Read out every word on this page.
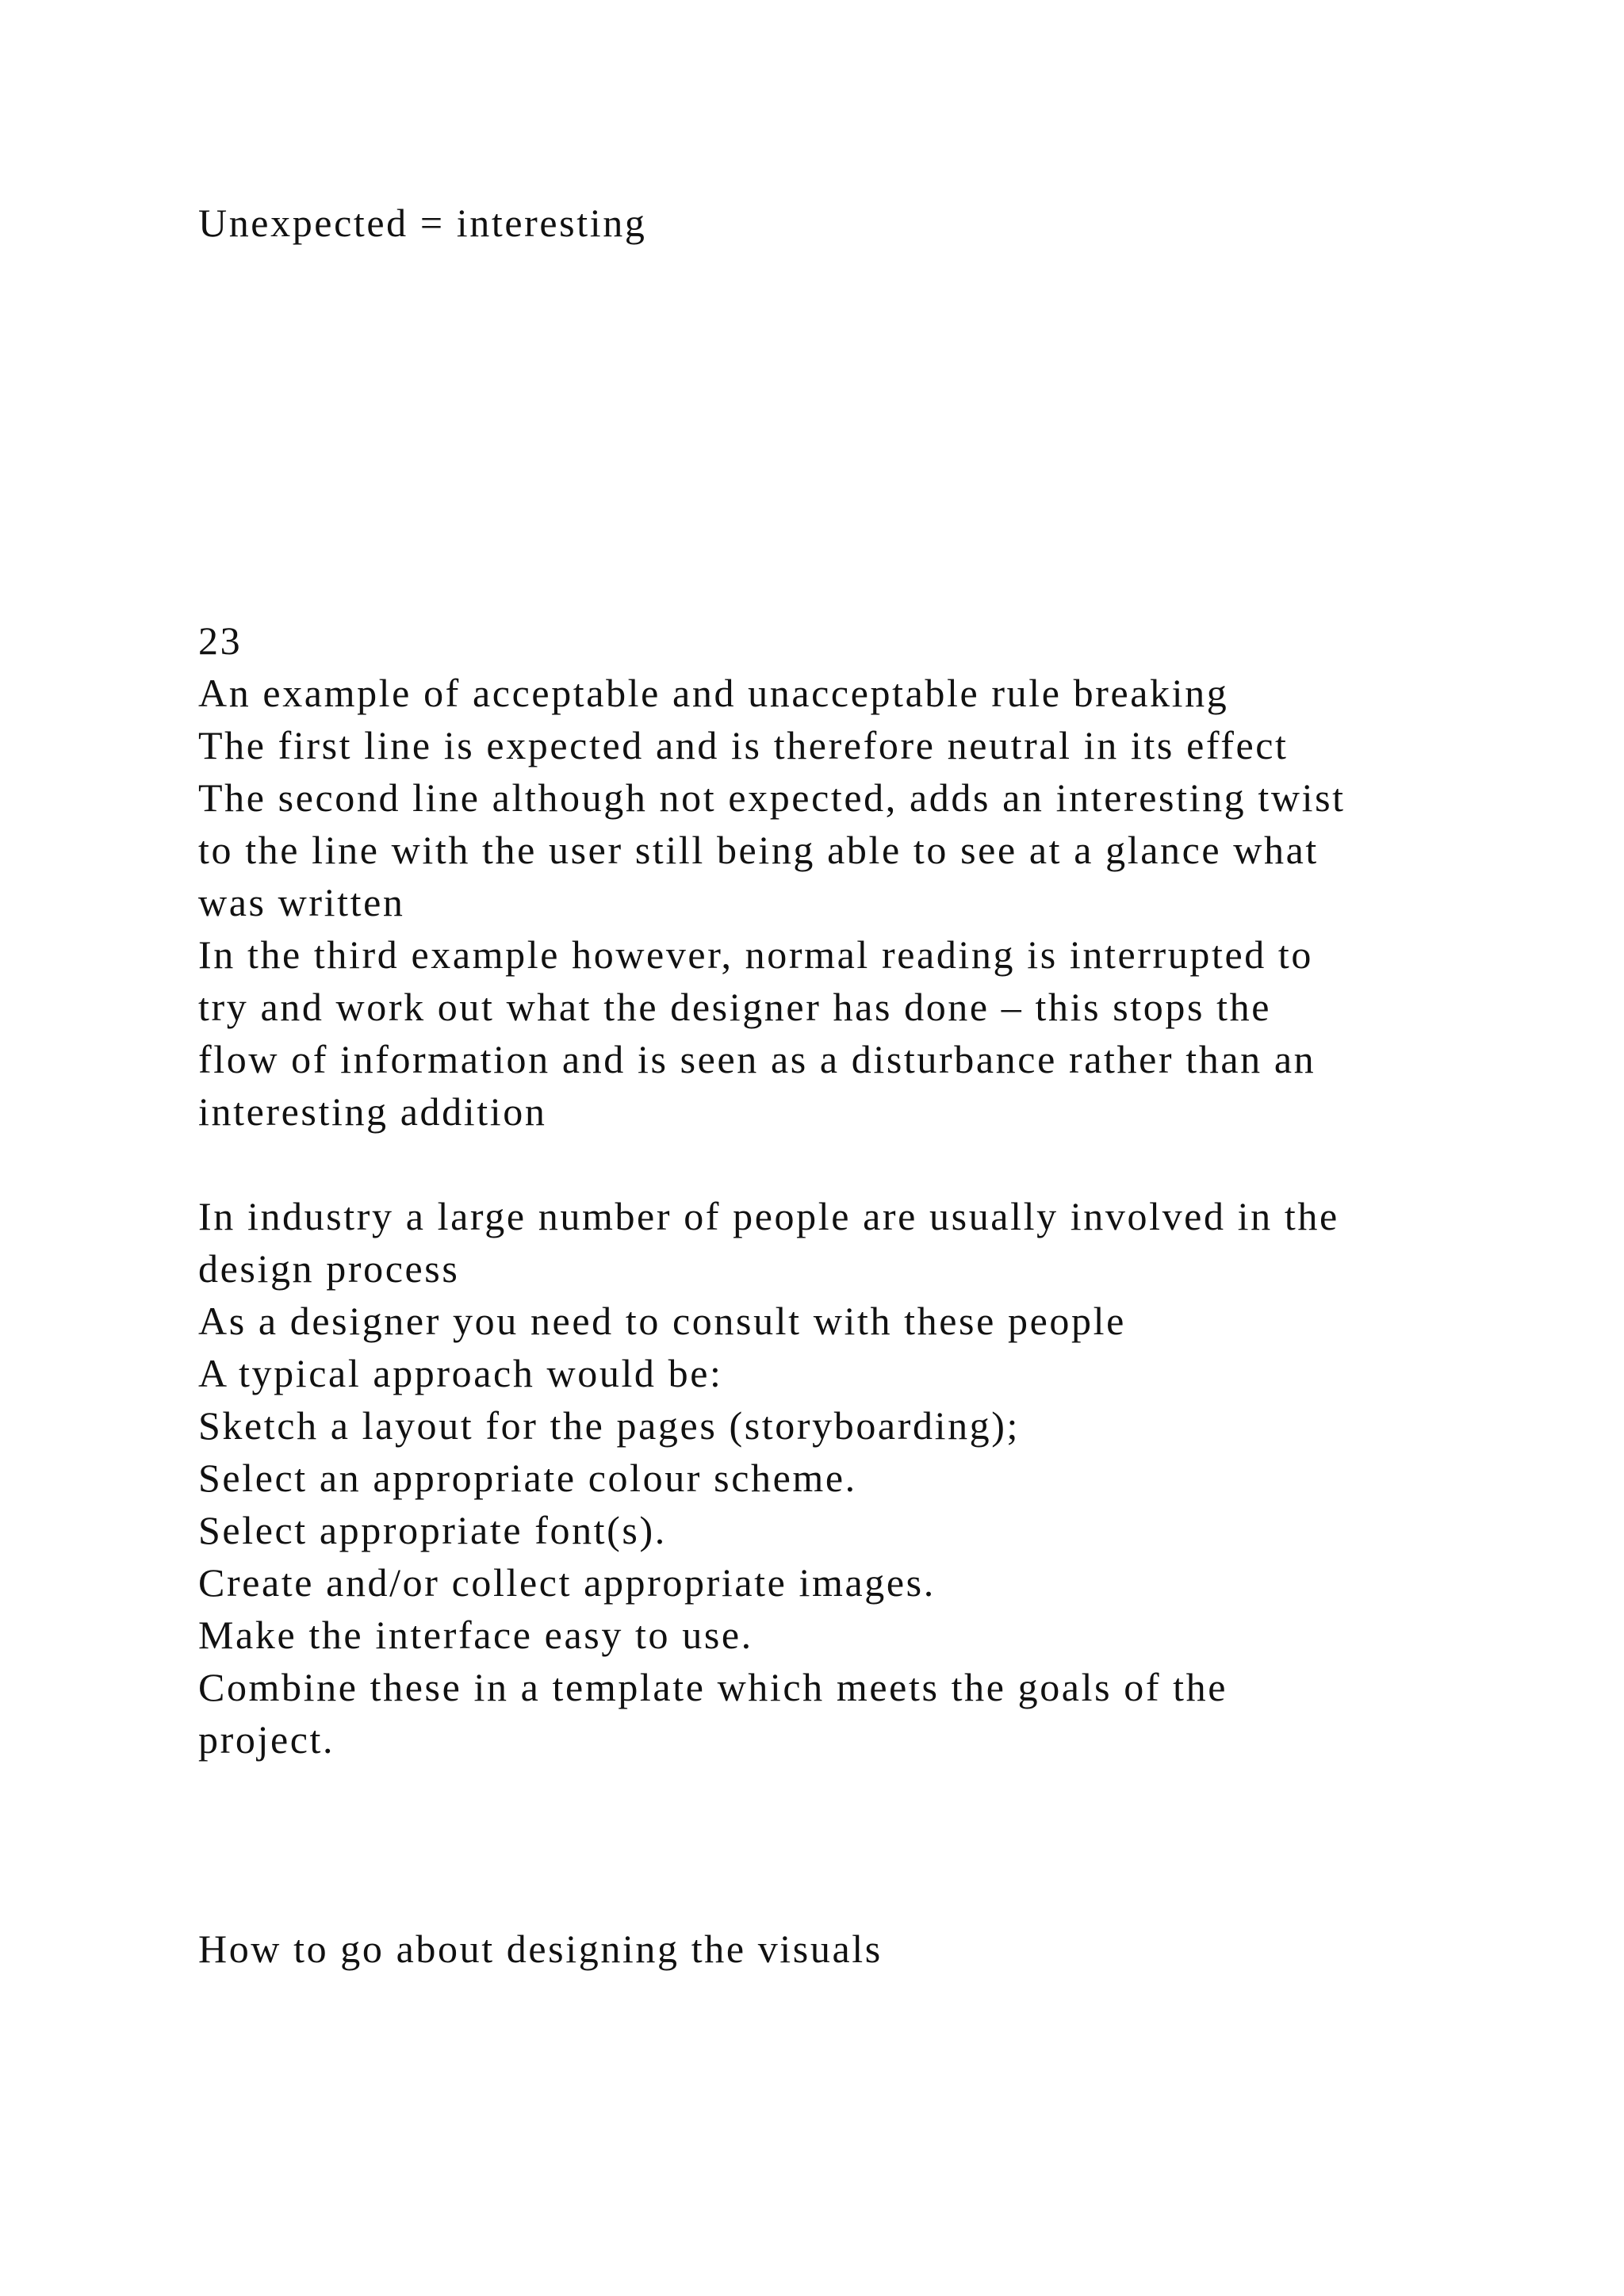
Unexpected = interesting

23

An example of acceptable and unacceptable rule breaking

The first line is expected and is therefore neutral in its effect

The second line although not expected, adds an interesting twist

to the line with the user still being able to see at a glance what

was written

In the third example however, normal reading is interrupted to

try and work out what the designer has done – this stops the

flow of information and is seen as a disturbance rather than an

interesting addition

In industry a large number of people are usually involved in the

design process

As a designer you need to consult with these people

A typical approach would be:

Sketch a layout for the pages (storyboarding);

Select an appropriate colour scheme.

Select appropriate font(s).

Create and/or collect appropriate images.

Make the interface easy to use.

Combine these in a template which meets the goals of the

project.

How to go about designing the visuals
